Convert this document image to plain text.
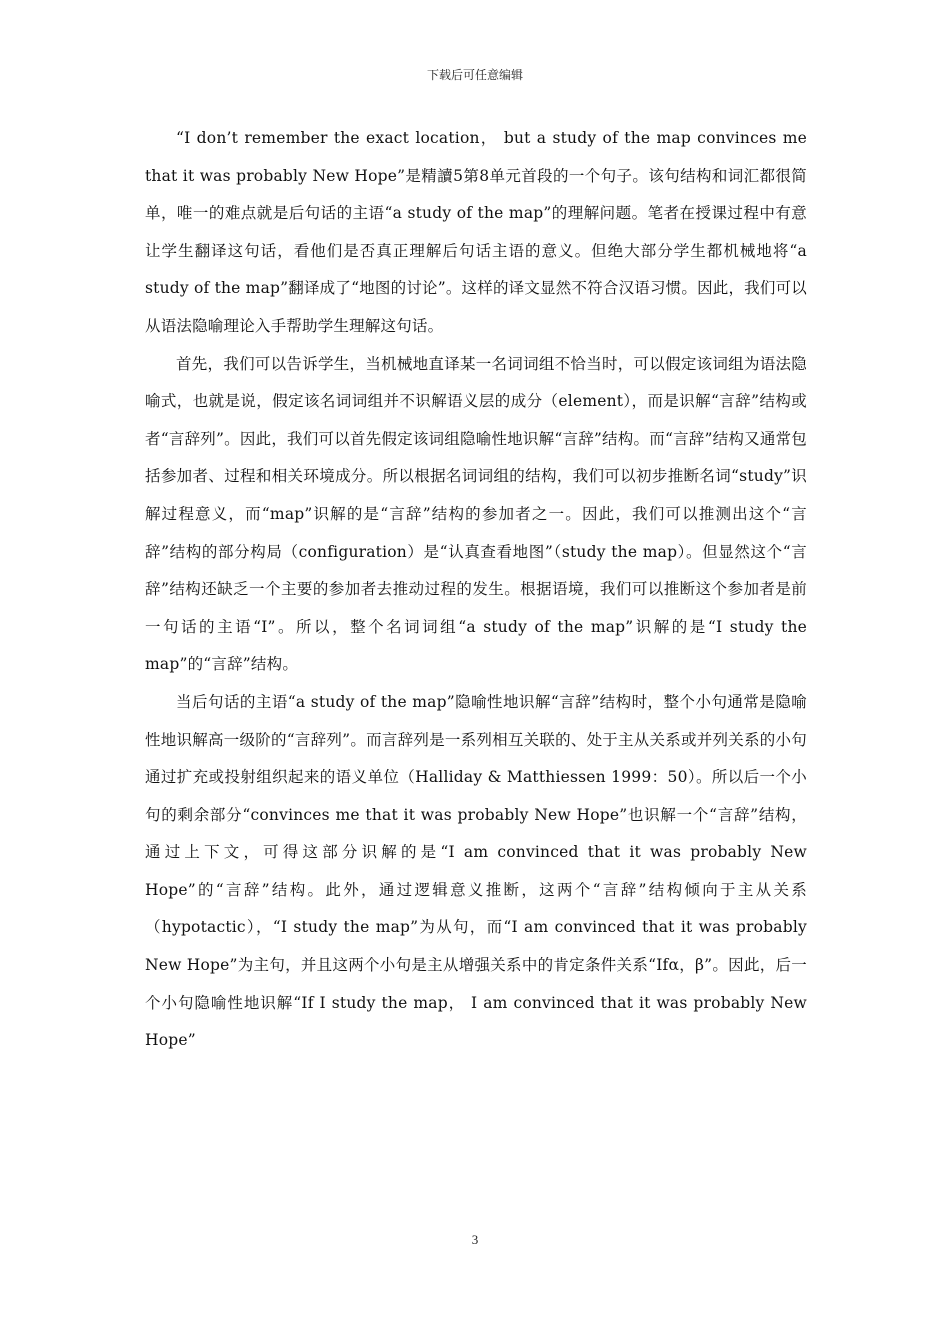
下载后可任意编辑

“I don’t remember the exact location， but a study of the map convinces me that it was probably New Hope”是精讀5第8单元首段的一个句子。该句结构和词汇都很简单，唯一的难点就是后句话的主语“a study of the map”的理解问题。笔者在授课过程中有意让学生翻译这句话，看他们是否真正理解后句话主语的意义。但绝大部分学生都机械地将“a study of the map”翻译成了“地图的讨论”。这样的译文显然不符合汉语习惯。因此，我们可以从语法隐喻理论入手帮助学生理解这句话。

首先，我们可以告诉学生，当机械地直译某一名词词组不恰当时，可以假定该词组为语法隐喻式，也就是说，假定该名词词组并不识解语义层的成分（element），而是识解“言辞”结构或者“言辞列”。因此，我们可以首先假定该词组隐喻性地识解“言辞”结构。而“言辞”结构又通常包括参加者、过程和相关环境成分。所以根据名词词组的结构，我们可以初步推断名词“study”识解过程意义，而“map”识解的是“言辞”结构的参加者之一。因此，我们可以推测出这个“言辞”结构的部分构局（configuration）是“认真查看地图”（study the map）。但显然这个“言辞”结构还缺乏一个主要的参加者去推动过程的发生。根据语境，我们可以推断这个参加者是前一句话的主语“I”。所以，整个名词词组“a study of the map”识解的是“I study the map”的“言辞”结构。

当后句话的主语“a study of the map”隐喻性地识解“言辞”结构时，整个小句通常是隐喻性地识解高一级阶的“言辞列”。而言辞列是一系列相互关联的、处于主从关系或并列关系的小句通过扩充或投射组织起来的语义单位（Halliday & Matthiessen 1999：50）。所以后一个小句的剩余部分“convinces me that it was probably New Hope”也识解一个“言辞”结构，通过上下文，可得这部分识解的是“I am convinced that it was probably New Hope”的“言辞”结构。此外，通过逻辑意义推断，这两个“言辞”结构倾向于主从关系（hypotactic），“I study the map”为从句，而“I am convinced that it was probably New Hope”为主句，并且这两个小句是主从增强关系中的肯定条件关系“Ifα，β”。因此，后一个小句隐喻性地识解“If I study the map， I am convinced that it was probably New Hope”

3
